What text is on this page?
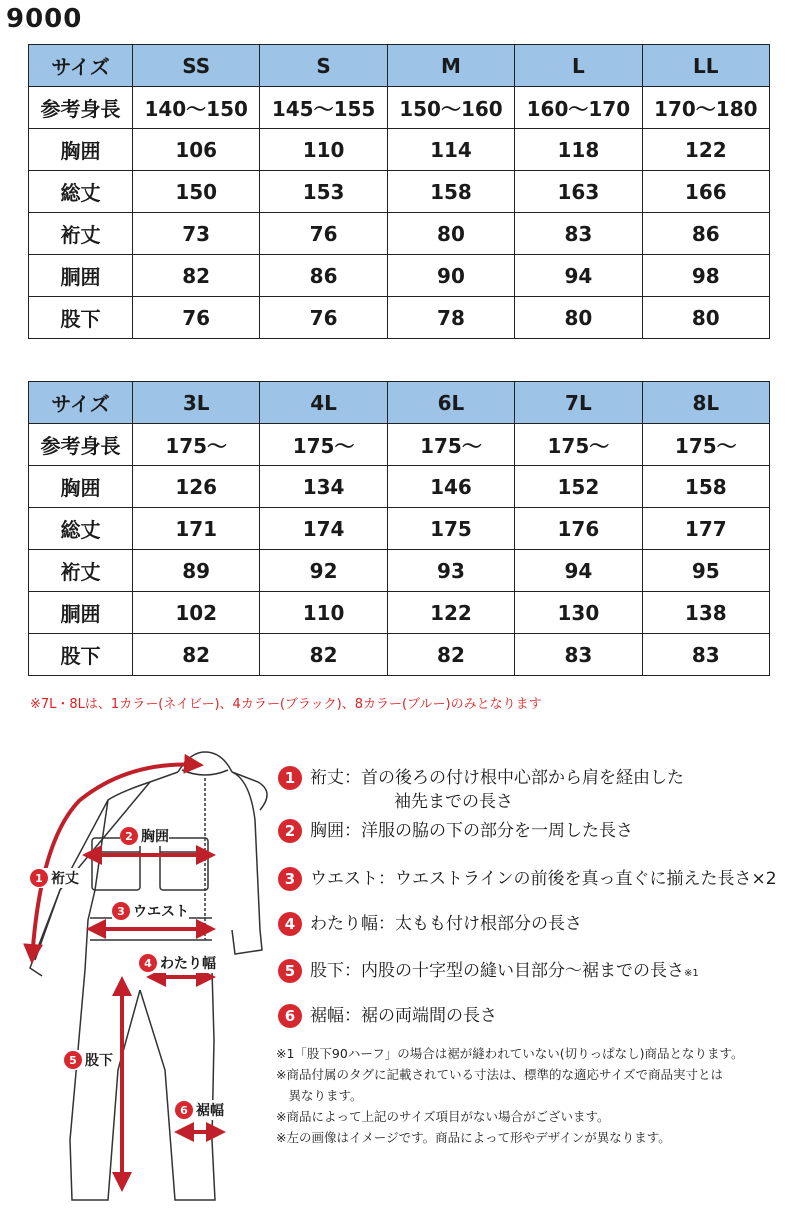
9000
サイズ	SS	S	M	L	LL
参考身長	140〜150	145〜155	150〜160	160〜170	170〜180
胸囲	106	110	114	118	122
総丈	150	153	158	163	166
裄丈	73	76	80	83	86
胴囲	82	86	90	94	98
股下	76	76	78	80	80
サイズ	3L	4L	6L	7L	8L
参考身長	175〜	175〜	175〜	175〜	175〜
胸囲	126	134	146	152	158
総丈	171	174	175	176	177
裄丈	89	92	93	94	95
胴囲	102	110	122	130	138
股下	82	82	82	83	83
※7L・8Lは、1カラー(ネイビー)、4カラー(ブラック)、8カラー(ブルー)のみとなります
1 裄丈
2 胸囲
3 ウエスト
4 わたり幅
5 股下
6 裾幅
1 裄丈：首の後ろの付け根中心部から肩を経由した
袖先までの長さ
2 胸囲：洋服の脇の下の部分を一周した長さ
3 ウエスト：ウエストラインの前後を真っ直ぐに揃えた長さ×2
4 わたり幅：太もも付け根部分の長さ
5 股下：内股の十字型の縫い目部分〜裾までの長さ※1
6 裾幅：裾の両端間の長さ
※1「股下90ハーフ」の場合は裾が縫われていない(切りっぱなし)商品となります。
※商品付属のタグに記載されている寸法は、標準的な適応サイズで商品実寸とは
　異なります。
※商品によって上記のサイズ項目がない場合がございます。
※左の画像はイメージです。商品によって形やデザインが異なります。
